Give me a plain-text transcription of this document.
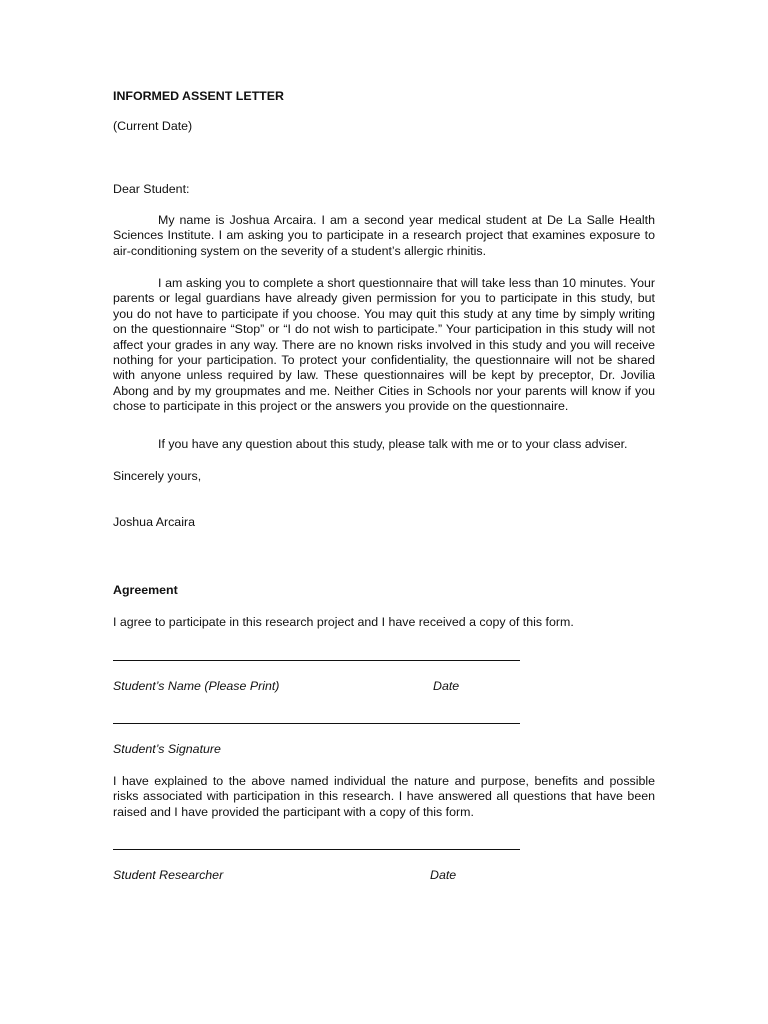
INFORMED ASSENT LETTER

(Current Date)

Dear Student:

My name is Joshua Arcaira. I am a second year medical student at De La Salle Health Sciences Institute. I am asking you to participate in a research project that examines exposure to air-conditioning system on the severity of a student’s allergic rhinitis.

I am asking you to complete a short questionnaire that will take less than 10 minutes. Your parents or legal guardians have already given permission for you to participate in this study, but you do not have to participate if you choose. You may quit this study at any time by simply writing on the questionnaire “Stop” or “I do not wish to participate.” Your participation in this study will not affect your grades in any way. There are no known risks involved in this study and you will receive nothing for your participation. To protect your confidentiality, the questionnaire will not be shared with anyone unless required by law. These questionnaires will be kept by preceptor, Dr. Jovilia Abong and by my groupmates and me. Neither Cities in Schools nor your parents will know if you chose to participate in this project or the answers you provide on the questionnaire.

If you have any question about this study, please talk with me or to your class adviser.

Sincerely yours,

Joshua Arcaira

Agreement

I agree to participate in this research project and I have received a copy of this form.

Student’s Name (Please Print)	Date

Student’s Signature

I have explained to the above named individual the nature and purpose, benefits and possible risks associated with participation in this research. I have answered all questions that have been raised and I have provided the participant with a copy of this form.

Student Researcher	Date
